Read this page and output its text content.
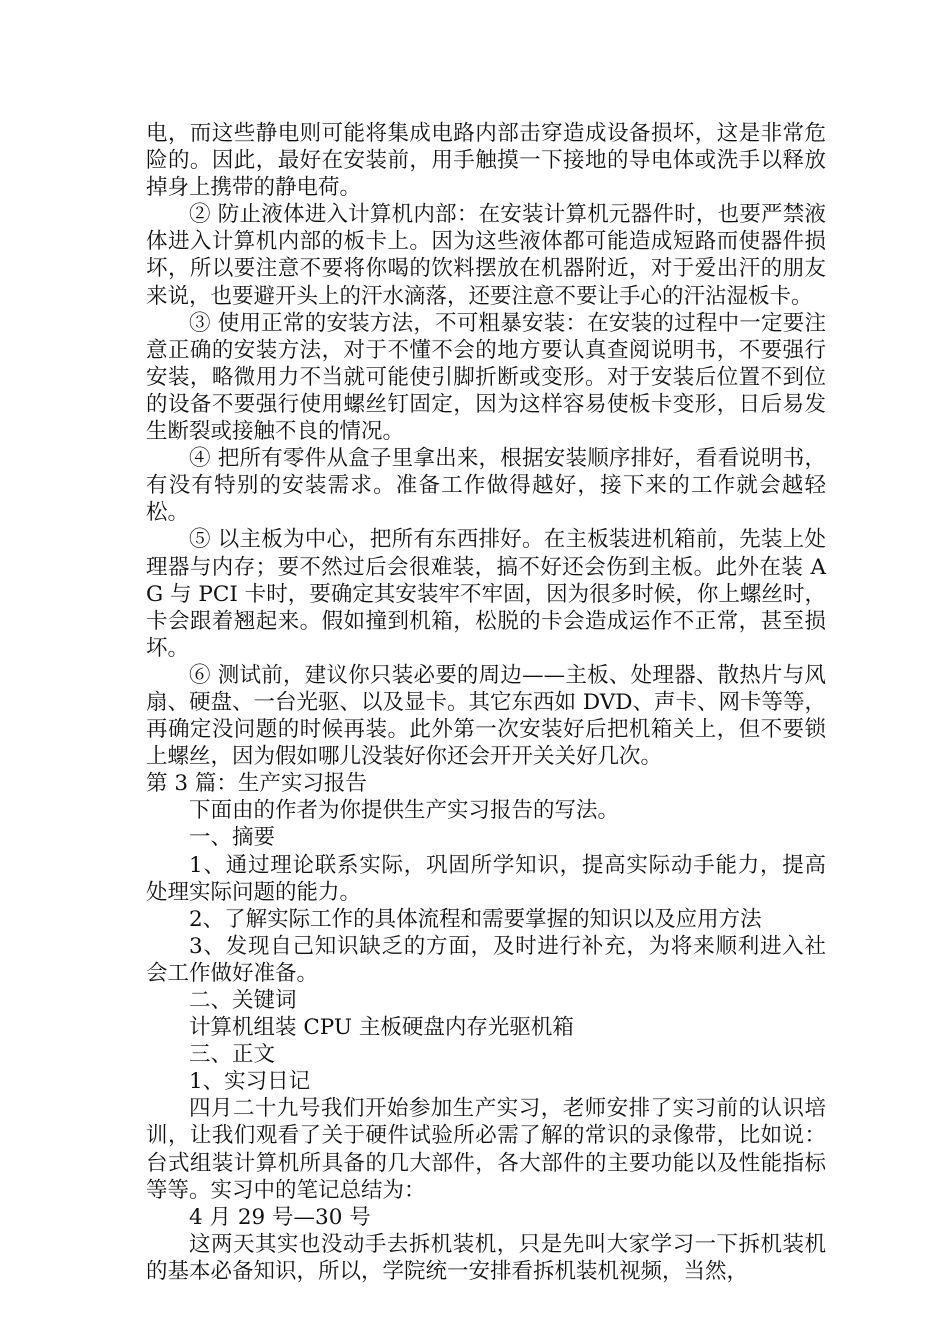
电，而这些静电则可能将集成电路内部击穿造成设备损坏，这是非常危险的。因此，最好在安装前，用手触摸一下接地的导电体或洗手以释放掉身上携带的静电荷。

② 防止液体进入计算机内部：在安装计算机元器件时，也要严禁液体进入计算机内部的板卡上。因为这些液体都可能造成短路而使器件损坏，所以要注意不要将你喝的饮料摆放在机器附近，对于爱出汗的朋友来说，也要避开头上的汗水滴落，还要注意不要让手心的汗沾湿板卡。

③ 使用正常的安装方法，不可粗暴安装：在安装的过程中一定要注意正确的安装方法，对于不懂不会的地方要认真查阅说明书，不要强行安装，略微用力不当就可能使引脚折断或变形。对于安装后位置不到位的设备不要强行使用螺丝钉固定，因为这样容易使板卡变形，日后易发生断裂或接触不良的情况。

④ 把所有零件从盒子里拿出来，根据安装顺序排好，看看说明书，有没有特别的安装需求。准备工作做得越好，接下来的工作就会越轻松。

⑤ 以主板为中心，把所有东西排好。在主板装进机箱前，先装上处理器与内存；要不然过后会很难装，搞不好还会伤到主板。此外在装 AG 与 PCI 卡时，要确定其安装牢不牢固，因为很多时候，你上螺丝时，卡会跟着翘起来。假如撞到机箱，松脱的卡会造成运作不正常，甚至损坏。

⑥ 测试前，建议你只装必要的周边——主板、处理器、散热片与风扇、硬盘、一台光驱、以及显卡。其它东西如 DVD、声卡、网卡等等，再确定没问题的时候再装。此外第一次安装好后把机箱关上，但不要锁上螺丝，因为假如哪儿没装好你还会开开关关好几次。

第 3 篇：生产实习报告

下面由的作者为你提供生产实习报告的写法。

一、摘要

1、通过理论联系实际，巩固所学知识，提高实际动手能力，提高处理实际问题的能力。

2、了解实际工作的具体流程和需要掌握的知识以及应用方法

3、发现自己知识缺乏的方面，及时进行补充，为将来顺利进入社会工作做好准备。

二、关键词

计算机组装 CPU 主板硬盘内存光驱机箱

三、正文

1、实习日记

四月二十九号我们开始参加生产实习，老师安排了实习前的认识培训，让我们观看了关于硬件试验所必需了解的常识的录像带，比如说：台式组装计算机所具备的几大部件，各大部件的主要功能以及性能指标等等。实习中的笔记总结为：

4 月 29 号—30 号

这两天其实也没动手去拆机装机，只是先叫大家学习一下拆机装机的基本必备知识，所以，学院统一安排看拆机装机视频，当然，
